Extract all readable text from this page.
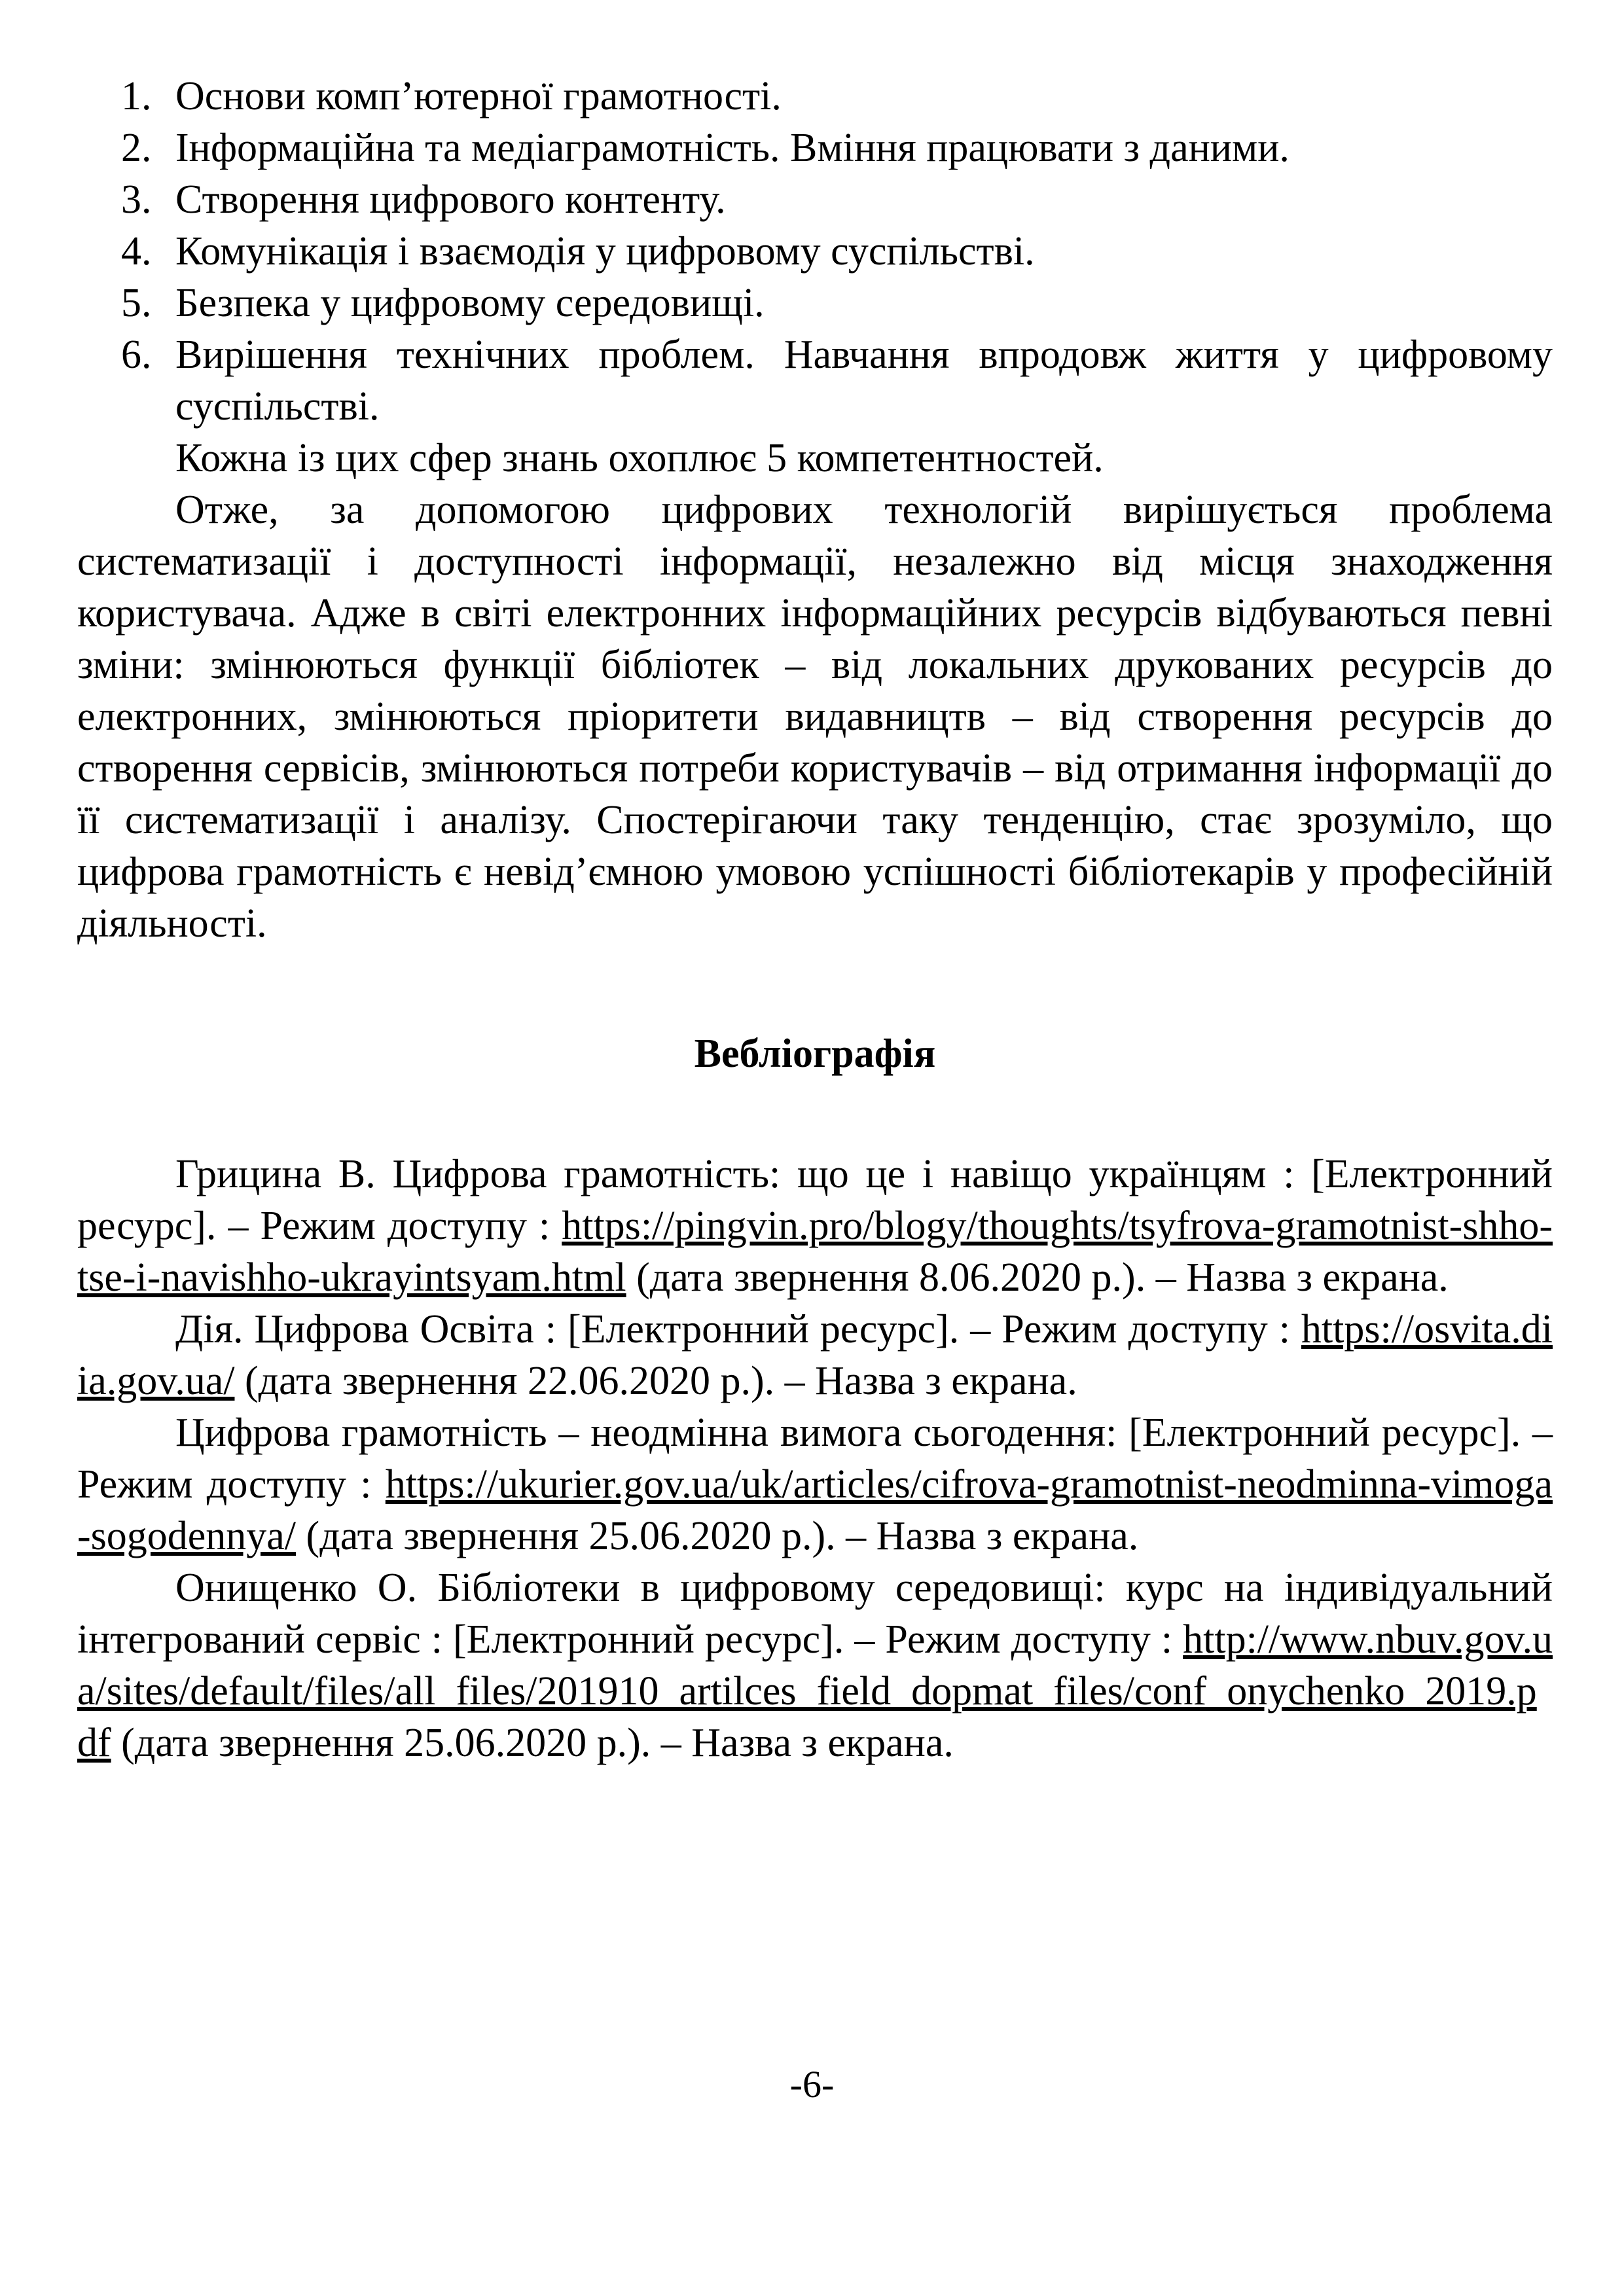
1. Основи комп’ютерної грамотності.
2. Інформаційна та медіаграмотність. Вміння працювати з даними.
3. Створення цифрового контенту.
4. Комунікація і взаємодія у цифровому суспільстві.
5. Безпека у цифровому середовищі.
6. Вирішення технічних проблем. Навчання впродовж життя у цифровому суспільстві.

Кожна із цих сфер знань охоплює 5 компетентностей.

Отже, за допомогою цифрових технологій вирішується проблема систематизації і доступності інформації, незалежно від місця знаходження користувача. Адже в світі електронних інформаційних ресурсів відбуваються певні зміни: змінюються функції бібліотек – від локальних друкованих ресурсів до електронних, змінюються пріоритети видавництв – від створення ресурсів до створення сервісів, змінюються потреби користувачів – від отримання інформації до її систематизації і аналізу. Спостерігаючи таку тенденцію, стає зрозуміло, що цифрова грамотність є невід’ємною умовою успішності бібліотекарів у професійній діяльності.

Вебліографія

Грицина В. Цифрова грамотність: що це і навіщо українцям : [Електронний ресурс]. – Режим доступу : https://pingvin.pro/blogy/thoughts/tsyfrova-gramotnist-shho-tse-i-navishho-ukrayintsyam.html (дата звернення 8.06.2020 р.). – Назва з екрана.

Дія. Цифрова Освіта : [Електронний ресурс]. – Режим доступу : https://osvita.diia.gov.ua/ (дата звернення 22.06.2020 р.). – Назва з екрана.

Цифрова грамотність – неодмінна вимога сьогодення: [Електронний ресурс]. – Режим доступу : https://ukurier.gov.ua/uk/articles/cifrova-gramotnist-neodminna-vimoga-sogodennya/ (дата звернення 25.06.2020 р.). – Назва з екрана.

Онищенко О. Бібліотеки в цифровому середовищі: курс на індивідуальний інтегрований сервіс : [Електронний ресурс]. – Режим доступу : http://www.nbuv.gov.ua/sites/default/files/all_files/201910_artilces_field_dopmat_files/conf_onychenko_2019.pdf (дата звернення 25.06.2020 р.). – Назва з екрана.

-6-
